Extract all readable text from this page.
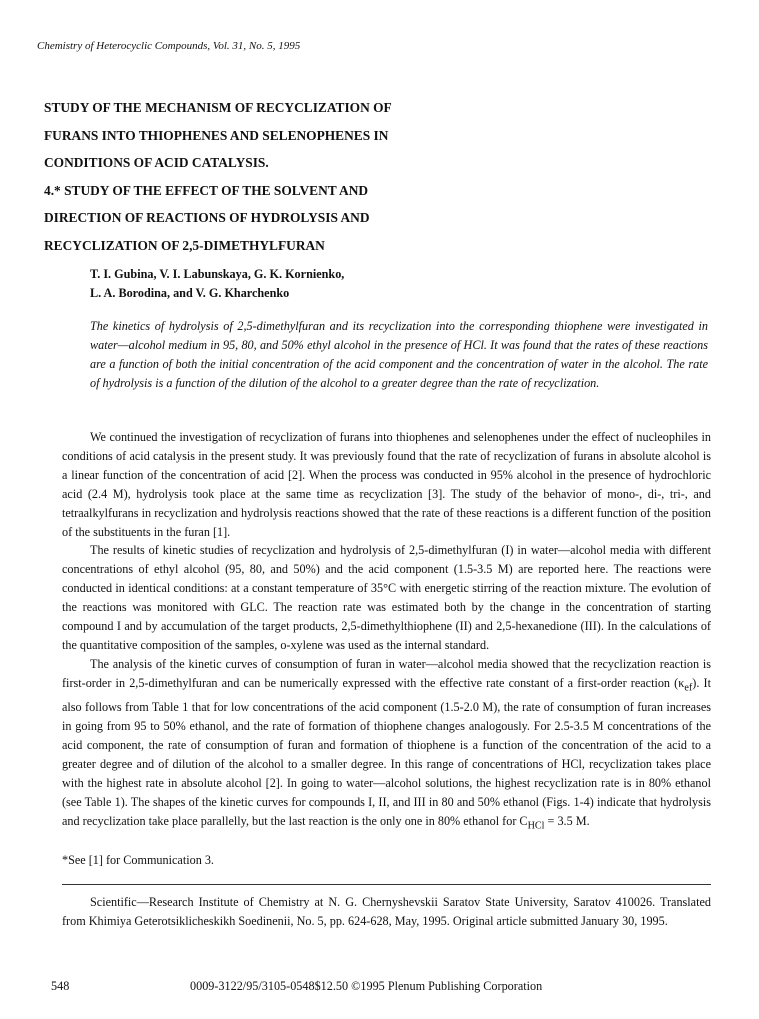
Chemistry of Heterocyclic Compounds, Vol. 31, No. 5, 1995
STUDY OF THE MECHANISM OF RECYCLIZATION OF
FURANS INTO THIOPHENES AND SELENOPHENES IN
CONDITIONS OF ACID CATALYSIS.
4.* STUDY OF THE EFFECT OF THE SOLVENT AND
DIRECTION OF REACTIONS OF HYDROLYSIS AND
RECYCLIZATION OF 2,5-DIMETHYLFURAN
T. I. Gubina, V. I. Labunskaya, G. K. Kornienko,
L. A. Borodina, and V. G. Kharchenko
The kinetics of hydrolysis of 2,5-dimethylfuran and its recyclization into the corresponding thiophene were investigated in water—alcohol medium in 95, 80, and 50% ethyl alcohol in the presence of HCl. It was found that the rates of these reactions are a function of both the initial concentration of the acid component and the concentration of water in the alcohol. The rate of hydrolysis is a function of the dilution of the alcohol to a greater degree than the rate of recyclization.

We continued the investigation of recyclization of furans into thiophenes and selenophenes under the effect of nucleophiles in conditions of acid catalysis in the present study. It was previously found that the rate of recyclization of furans in absolute alcohol is a linear function of the concentration of acid [2]. When the process was conducted in 95% alcohol in the presence of hydrochloric acid (2.4 M), hydrolysis took place at the same time as recyclization [3]. The study of the behavior of mono-, di-, tri-, and tetraalkylfurans in recyclization and hydrolysis reactions showed that the rate of these reactions is a different function of the position of the substituents in the furan [1].

The results of kinetic studies of recyclization and hydrolysis of 2,5-dimethylfuran (I) in water—alcohol media with different concentrations of ethyl alcohol (95, 80, and 50%) and the acid component (1.5-3.5 M) are reported here. The reactions were conducted in identical conditions: at a constant temperature of 35°C with energetic stirring of the reaction mixture. The evolution of the reactions was monitored with GLC. The reaction rate was estimated both by the change in the concentration of starting compound I and by accumulation of the target products, 2,5-dimethylthiophene (II) and 2,5-hexanedione (III). In the calculations of the quantitative composition of the samples, o-xylene was used as the internal standard.

The analysis of the kinetic curves of consumption of furan in water—alcohol media showed that the recyclization reaction is first-order in 2,5-dimethylfuran and can be numerically expressed with the effective rate constant of a first-order reaction $(\kappa_{ef})$. It also follows from Table 1 that for low concentrations of the acid component (1.5-2.0 M), the rate of consumption of furan increases in going from 95 to 50% ethanol, and the rate of formation of thiophene changes analogously. For 2.5-3.5 M concentrations of the acid component, the rate of consumption of furan and formation of thiophene is a function of the concentration of the acid to a greater degree and of dilution of the alcohol to a smaller degree. In this range of concentrations of HCl, recyclization takes place with the highest rate in absolute alcohol [2]. In going to water—alcohol solutions, the highest recyclization rate is in 80% ethanol (see Table 1). The shapes of the kinetic curves for compounds I, II, and III in 80 and 50% ethanol (Figs. 1-4) indicate that hydrolysis and recyclization take place parallelly, but the last reaction is the only one in 80% ethanol for $C_{HCl} = 3.5$ M.

*See [1] for Communication 3.

Scientific—Research Institute of Chemistry at N. G. Chernyshevskii Saratov State University, Saratov 410026. Translated from Khimiya Geterotsiklicheskikh Soedinenii, No. 5, pp. 624-628, May, 1995. Original article submitted January 30, 1995.

548	0009-3122/95/3105-0548$12.50 ©1995 Plenum Publishing Corporation
